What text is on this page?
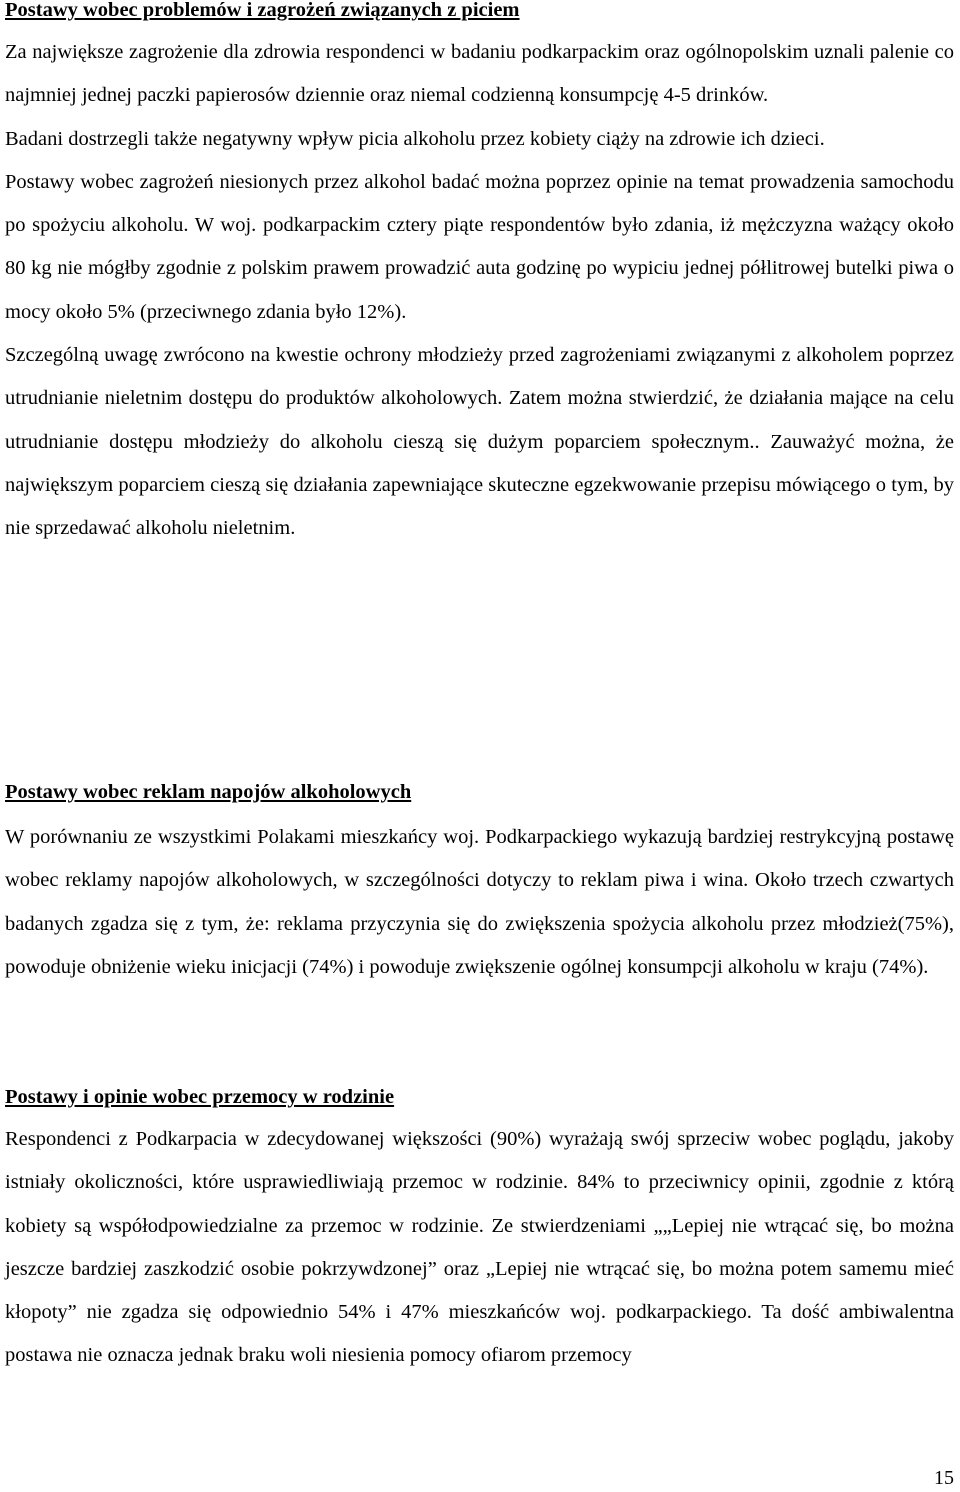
Postawy wobec problemów i zagrożeń związanych z piciem

Za największe zagrożenie dla zdrowia respondenci w badaniu podkarpackim oraz ogólnopolskim uznali palenie co najmniej jednej paczki papierosów dziennie oraz niemal codzienną konsumpcję 4-5 drinków.

Badani dostrzegli także negatywny wpływ picia alkoholu przez kobiety ciąży na zdrowie ich dzieci.

Postawy wobec zagrożeń niesionych przez alkohol badać można poprzez opinie na temat prowadzenia samochodu po spożyciu alkoholu. W woj. podkarpackim cztery piąte respondentów było zdania, iż mężczyzna ważący około 80 kg nie mógłby zgodnie z polskim prawem prowadzić auta godzinę po wypiciu jednej półlitrowej butelki piwa o mocy około 5% (przeciwnego zdania było 12%).

Szczególną uwagę zwrócono na kwestie ochrony młodzieży przed zagrożeniami związanymi z alkoholem poprzez utrudnianie nieletnim dostępu do produktów alkoholowych. Zatem można stwierdzić, że działania mające na celu utrudnianie dostępu młodzieży do alkoholu cieszą się dużym poparciem społecznym.. Zauważyć można, że największym poparciem cieszą się działania zapewniające skuteczne egzekwowanie przepisu mówiącego o tym, by nie sprzedawać alkoholu nieletnim.

Postawy wobec reklam napojów alkoholowych

W porównaniu ze wszystkimi Polakami mieszkańcy woj. Podkarpackiego wykazują bardziej restrykcyjną postawę wobec reklamy napojów alkoholowych, w szczególności dotyczy to reklam piwa i wina. Około trzech czwartych badanych zgadza się z tym, że: reklama przyczynia się do zwiększenia spożycia alkoholu przez młodzież(75%), powoduje obniżenie wieku inicjacji (74%) i powoduje zwiększenie ogólnej konsumpcji alkoholu w kraju (74%).

Postawy i opinie wobec przemocy w rodzinie

Respondenci z Podkarpacia w zdecydowanej większości (90%) wyrażają swój sprzeciw wobec poglądu, jakoby istniały okoliczności, które usprawiedliwiają przemoc w rodzinie. 84% to przeciwnicy opinii, zgodnie z którą kobiety są współodpowiedzialne za przemoc w rodzinie. Ze stwierdzeniami „„Lepiej nie wtrącać się, bo można jeszcze bardziej zaszkodzić osobie pokrzywdzonej” oraz „Lepiej nie wtrącać się, bo można potem samemu mieć kłopoty” nie zgadza się odpowiednio 54% i 47% mieszkańców woj. podkarpackiego. Ta dość ambiwalentna postawa nie oznacza jednak braku woli niesienia pomocy ofiarom przemocy

15
